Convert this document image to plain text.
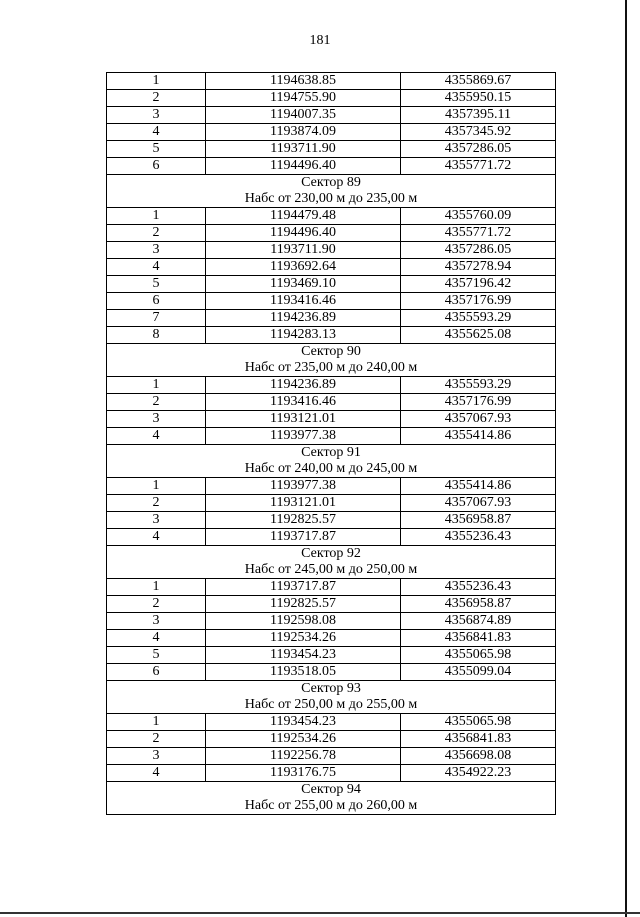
181
1	1194638.85	4355869.67
2	1194755.90	4355950.15
3	1194007.35	4357395.11
4	1193874.09	4357345.92
5	1193711.90	4357286.05
6	1194496.40	4355771.72
Сектор 89		
Набс от 230,00 м до 235,00 м		
1	1194479.48	4355760.09
2	1194496.40	4355771.72
3	1193711.90	4357286.05
4	1193692.64	4357278.94
5	1193469.10	4357196.42
6	1193416.46	4357176.99
7	1194236.89	4355593.29
8	1194283.13	4355625.08
Сектор 90		
Набс от 235,00 м до 240,00 м		
1	1194236.89	4355593.29
2	1193416.46	4357176.99
3	1193121.01	4357067.93
4	1193977.38	4355414.86
Сектор 91		
Набс от 240,00 м до 245,00 м		
1	1193977.38	4355414.86
2	1193121.01	4357067.93
3	1192825.57	4356958.87
4	1193717.87	4355236.43
Сектор 92		
Набс от 245,00 м до 250,00 м		
1	1193717.87	4355236.43
2	1192825.57	4356958.87
3	1192598.08	4356874.89
4	1192534.26	4356841.83
5	1193454.23	4355065.98
6	1193518.05	4355099.04
Сектор 93		
Набс от 250,00 м до 255,00 м		
1	1193454.23	4355065.98
2	1192534.26	4356841.83
3	1192256.78	4356698.08
4	1193176.75	4354922.23
Сектор 94		
Набс от 255,00 м до 260,00 м		
